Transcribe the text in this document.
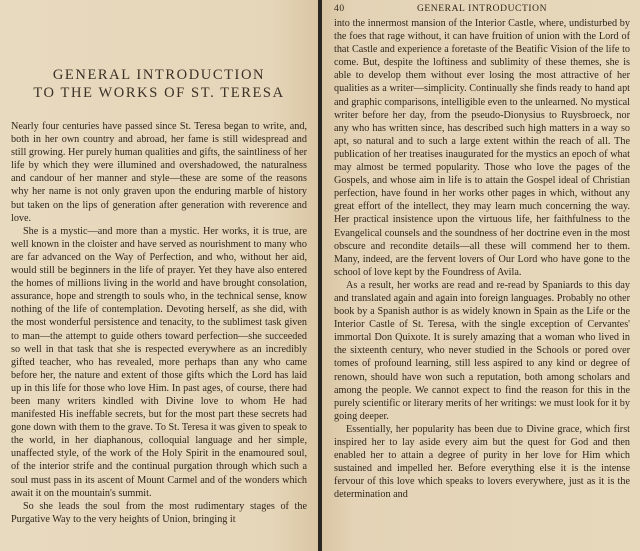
GENERAL INTRODUCTION
TO THE WORKS OF ST. TERESA

Nearly four centuries have passed since St. Teresa began to write, and, both in her own country and abroad, her fame is still widespread and still growing. Her purely human qualities and gifts, the saintliness of her life by which they were illumined and overshadowed, the naturalness and candour of her manner and style—these are some of the reasons why her name is not only graven upon the enduring marble of history but taken on the lips of generation after generation with reverence and love.

She is a mystic—and more than a mystic. Her works, it is true, are well known in the cloister and have served as nourishment to many who are far advanced on the Way of Perfection, and who, without her aid, would still be beginners in the life of prayer. Yet they have also entered the homes of millions living in the world and have brought consolation, assurance, hope and strength to souls who, in the technical sense, know nothing of the life of contemplation. Devoting herself, as she did, with the most wonderful persistence and tenacity, to the sublimest task given to man—the attempt to guide others toward perfection—she succeeded so well in that task that she is respected everywhere as an incredibly gifted teacher, who has revealed, more perhaps than any who came before her, the nature and extent of those gifts which the Lord has laid up in this life for those who love Him. In past ages, of course, there had been many writers kindled with Divine love to whom He had manifested His ineffable secrets, but for the most part these secrets had gone down with them to the grave. To St. Teresa it was given to speak to the world, in her diaphanous, colloquial language and her simple, unaffected style, of the work of the Holy Spirit in the enamoured soul, of the interior strife and the continual purgation through which such a soul must pass in its ascent of Mount Carmel and of the wonders which await it on the mountain's summit.

So she leads the soul from the most rudimentary stages of the Purgative Way to the very heights of Union, bringing it

40	GENERAL INTRODUCTION

into the innermost mansion of the Interior Castle, where, undisturbed by the foes that rage without, it can have fruition of union with the Lord of that Castle and experience a foretaste of the Beatific Vision of the life to come. But, despite the loftiness and sublimity of these themes, she is able to develop them without ever losing the most attractive of her qualities as a writer—simplicity. Continually she finds ready to hand apt and graphic comparisons, intelligible even to the unlearned. No mystical writer before her day, from the pseudo-Dionysius to Ruysbroeck, nor any who has written since, has described such high matters in a way so apt, so natural and to such a large extent within the reach of all. The publication of her treatises inaugurated for the mystics an epoch of what may almost be termed popularity. Those who love the pages of the Gospels, and whose aim in life is to attain the Gospel ideal of Christian perfection, have found in her works other pages in which, without any great effort of the intellect, they may learn much concerning the way. Her practical insistence upon the virtuous life, her faithfulness to the Evangelical counsels and the soundness of her doctrine even in the most obscure and recondite details—all these will commend her to them. Many, indeed, are the fervent lovers of Our Lord who have gone to the school of love kept by the Foundress of Avila.

As a result, her works are read and re-read by Spaniards to this day and translated again and again into foreign languages. Probably no other book by a Spanish author is as widely known in Spain as the Life or the Interior Castle of St. Teresa, with the single exception of Cervantes' immortal Don Quixote. It is surely amazing that a woman who lived in the sixteenth century, who never studied in the Schools or pored over tomes of profound learning, still less aspired to any kind or degree of renown, should have won such a reputation, both among scholars and among the people. We cannot expect to find the reason for this in the purely scientific or literary merits of her writings: we must look for it by going deeper.

Essentially, her popularity has been due to Divine grace, which first inspired her to lay aside every aim but the quest for God and then enabled her to attain a degree of purity in her love for Him which sustained and impelled her. Before everything else it is the intense fervour of this love which speaks to lovers everywhere, just as it is the determination and
